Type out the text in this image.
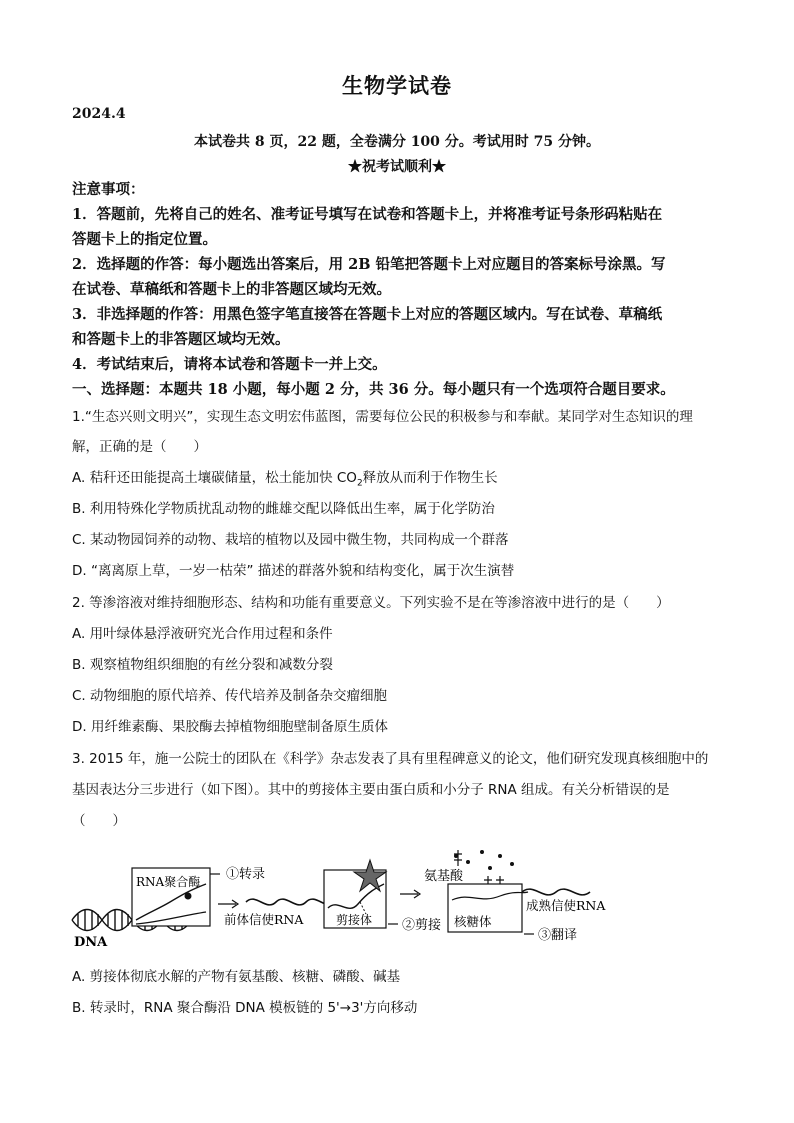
生物学试卷
2024.4
本试卷共 8 页，22 题，全卷满分 100 分。考试用时 75 分钟。
★祝考试顺利★
注意事项：
1．答题前，先将自己的姓名、准考证号填写在试卷和答题卡上，并将准考证号条形码粘贴在
答题卡上的指定位置。
2．选择题的作答：每小题选出答案后，用 2B 铅笔把答题卡上对应题目的答案标号涂黑。写
在试卷、草稿纸和答题卡上的非答题区域均无效。
3．非选择题的作答：用黑色签字笔直接答在答题卡上对应的答题区域内。写在试卷、草稿纸
和答题卡上的非答题区域均无效。
4．考试结束后，请将本试卷和答题卡一并上交。
一、选择题：本题共 18 小题，每小题 2 分，共 36 分。每小题只有一个选项符合题目要求。
1.“生态兴则文明兴”，实现生态文明宏伟蓝图，需要每位公民的积极参与和奉献。某同学对生态知识的理
解，正确的是（　　）
A. 秸秆还田能提高土壤碳储量，松土能加快 $CO_2$释放从而利于作物生长
B. 利用特殊化学物质扰乱动物的雌雄交配以降低出生率，属于化学防治
C. 某动物园饲养的动物、栽培的植物以及园中微生物，共同构成一个群落
D. “离离原上草，一岁一枯荣” 描述的群落外貌和结构变化，属于次生演替
2. 等渗溶液对维持细胞形态、结构和功能有重要意义。下列实验不是在等渗溶液中进行的是（　　）
A. 用叶绿体悬浮液研究光合作用过程和条件
B. 观察植物组织细胞的有丝分裂和减数分裂
C. 动物细胞的原代培养、传代培养及制备杂交瘤细胞
D. 用纤维素酶、果胶酶去掉植物细胞壁制备原生质体
3. 2015 年，施一公院士的团队在《科学》杂志发表了具有里程碑意义的论文，他们研究发现真核细胞中的
基因表达分三步进行（如下图）。其中的剪接体主要由蛋白质和小分子 RNA 组成。有关分析错误的是
（　　）
DNA
RNA聚合酶 ①转录
前体信使RNA	剪接体 ②剪接
氨基酸
核糖体
成熟信使RNA
③翻译
A. 剪接体彻底水解的产物有氨基酸、核糖、磷酸、碱基
B. 转录时，RNA 聚合酶沿 DNA 模板链的 5'→3'方向移动
